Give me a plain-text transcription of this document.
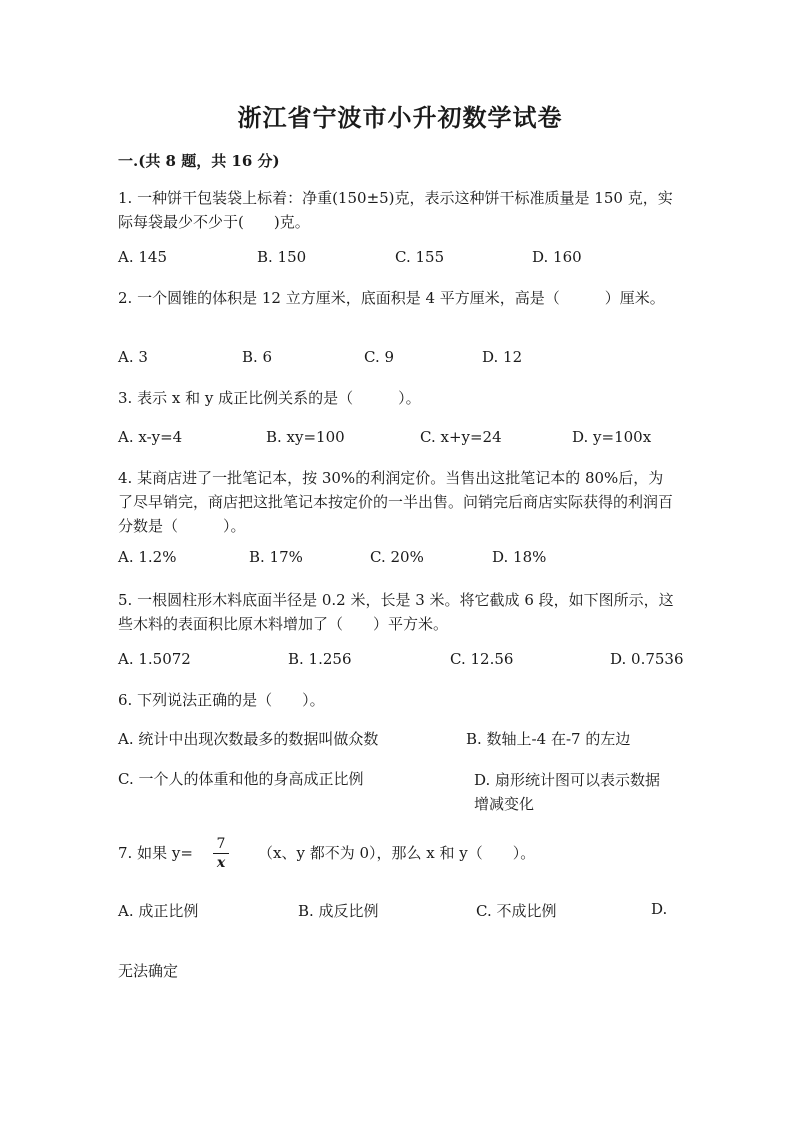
浙江省宁波市小升初数学试卷
一.(共 8 题，共 16 分)
1. 一种饼干包装袋上标着：净重(150±5)克，表示这种饼干标准质量是 150 克，实际每袋最少不少于(　　)克。
A. 145	B. 150	C. 155	D. 160
2. 一个圆锥的体积是 12 立方厘米，底面积是 4 平方厘米，高是（　　　）厘米。
A. 3	B. 6	C. 9	D. 12
3. 表示 x 和 y 成正比例关系的是（　　　）。
A. x-y=4	B. xy=100	C. x+y=24	D. y=100x
4. 某商店进了一批笔记本，按 30%的利润定价。当售出这批笔记本的 80%后，为了尽早销完，商店把这批笔记本按定价的一半出售。问销完后商店实际获得的利润百分数是（　　　）。
A. 1.2%	B. 17%	C. 20%	D. 18%
5. 一根圆柱形木料底面半径是 0.2 米，长是 3 米。将它截成 6 段，如下图所示，这些木料的表面积比原木料增加了（　　）平方米。
A. 1.5072	B. 1.256	C. 12.56	D. 0.7536
6. 下列说法正确的是（　　）。
A. 统计中出现次数最多的数据叫做众数	B. 数轴上-4 在-7 的左边
C. 一个人的体重和他的身高成正比例	D. 扇形统计图可以表示数据增减变化
7. 如果 y=	（x、y 都不为 0），那么 x 和 y（　　）。
$\frac{7}{x}$
A. 成正比例	B. 成反比例	C. 不成比例	D.
无法确定
